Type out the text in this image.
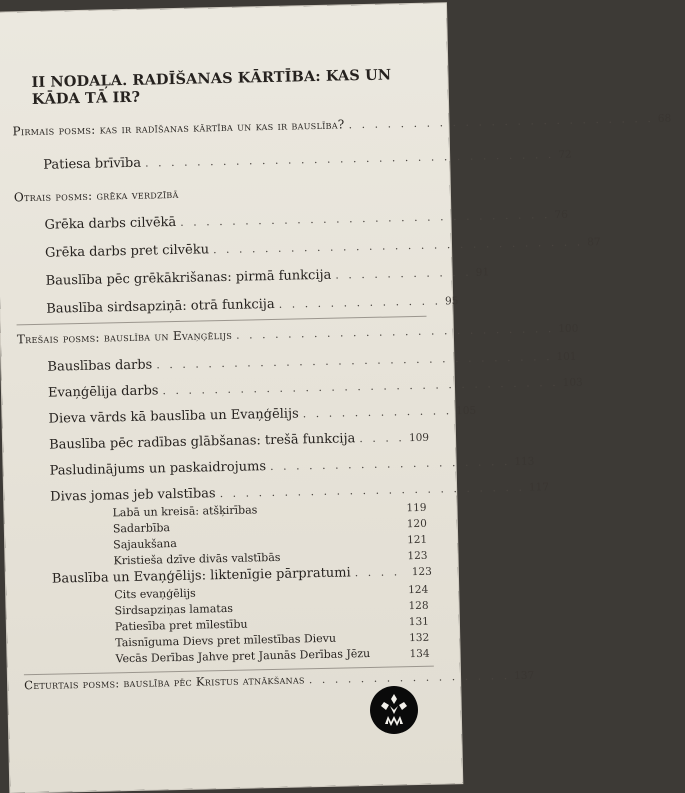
II NODAĻA. RADĪŠANAS KĀRTĪBA: KAS UN KĀDA TĀ IR?
Pirmais posms: kas ir radīšanas kārtība un kas ir bauslība? . . . . . . . . . . . . . . . . . . . . . . . . 68
Patiesa brīvība . . . . . . . . . . . . . . . . . . . . . . . . . . . . . . . . 72
Otrais posms: grēka verdzībā
Grēka darbs cilvēkā . . . . . . . . . . . . . . . . . . . . . . . . . . . . . 76
Grēka darbs pret cilvēku . . . . . . . . . . . . . . . . . . . . . . . . . . . . . 87
Bauslība pēc grēkākrišanas: pirmā funkcija . . . . . . . . . . . 91
Bauslība sirdsapziņā: otrā funkcija . . . . . . . . . . . . . 95
Trešais posms: bauslība un Evaņģēlijs . . . . . . . . . . . . . . . . . . . . . . . . . 100
Bauslības darbs . . . . . . . . . . . . . . . . . . . . . . . . . . . . . . . 101
Evaņģēlija darbs . . . . . . . . . . . . . . . . . . . . . . . . . . . . . . . 103
Dieva vārds kā bauslība un Evaņģēlijs . . . . . . . . . . . . 105
Bauslība pēc radības glābšanas: trešā funkcija . . . . 109
Pasludinājums un paskaidrojums . . . . . . . . . . . . . . . . . . . 113
Divas jomas jeb valstības . . . . . . . . . . . . . . . . . . . . . . . . 117
Labā un kreisā: atšķirības	119
Sadarbība	120
Sajaukšana	121
Kristieša dzīve divās valstībās	123
Bauslība un Evaņģēlijs: liktenīgie pārpratumi . . . .	123
Cits evaņģēlijs	124
Sirdsapziņas lamatas	128
Patiesība pret mīlestību	131
Taisnīguma Dievs pret mīlestības Dievu	132
Vecās Derības Jahve pret Jaunās Derības Jēzu	134
Ceturtais posms: bauslība pēc Kristus atnākšanas . . . . . . . . . . . . . . . . 137
